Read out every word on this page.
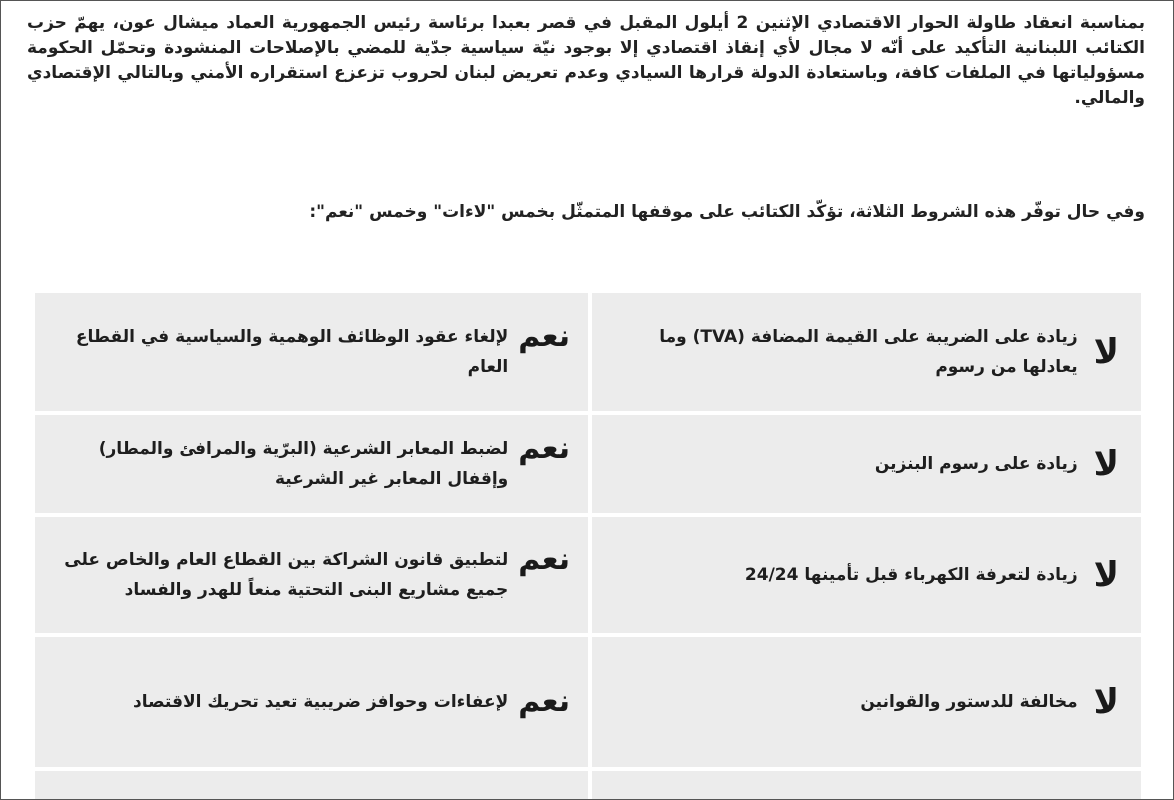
بمناسبة انعقاد طاولة الحوار الاقتصادي الإثنين 2 أيلول المقبل في قصر بعبدا برئاسة رئيس الجمهورية العماد ميشال عون، يهمّ حزب الكتائب اللبنانية التأكيد على أنّه لا مجال لأي إنقاذ اقتصادي إلا بوجود نيّة سياسية جدّية للمضي بالإصلاحات المنشودة وتحمّل الحكومة مسؤولياتها في الملفات كافة، وباستعادة الدولة قرارها السيادي وعدم تعريض لبنان لحروب تزعزع استقراره الأمني وبالتالي الإقتصادي والمالي.

وفي حال توفّر هذه الشروط الثلاثة، تؤكّد الكتائب على موقفها المتمثّل بخمس "لاءات" وخمس "نعم":

لا
زيادة على الضريبة على القيمة المضافة (TVA) وما يعادلها من رسوم
نعم
لإلغاء عقود الوظائف الوهمية والسياسية في القطاع العام
لا
زيادة على رسوم البنزين
نعم
لضبط المعابر الشرعية (البرّية والمرافئ والمطار) وإقفال المعابر غير الشرعية
لا
زيادة لتعرفة الكهرباء قبل تأمينها 24/24
نعم
لتطبيق قانون الشراكة بين القطاع العام والخاص على جميع مشاريع البنى التحتية منعاً للهدر والفساد
لا
مخالفة للدستور والقوانين
نعم
لإعفاءات وحوافز ضريبية تعيد تحريك الاقتصاد
